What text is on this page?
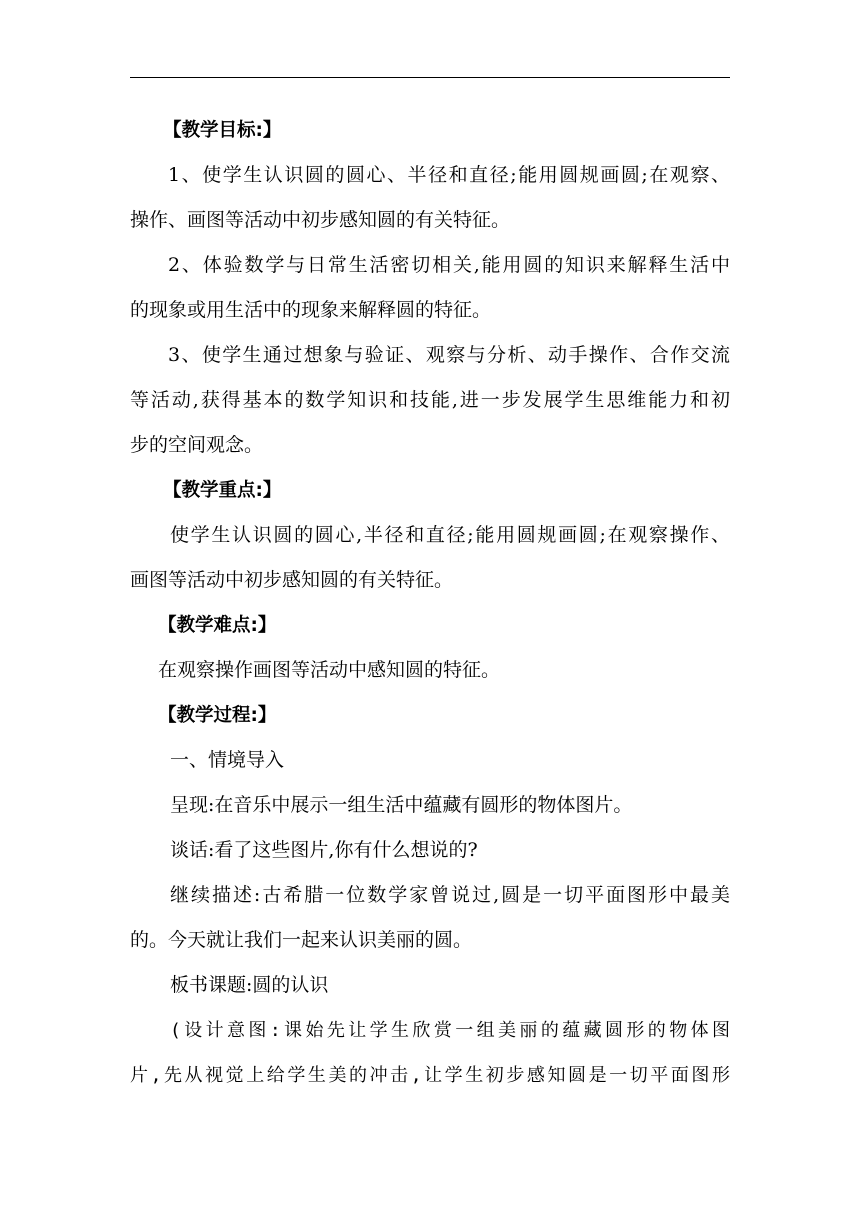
【教学目标:】
1、使学生认识圆的圆心、半径和直径;能用圆规画圆;在观察、
操作、画图等活动中初步感知圆的有关特征。
2、体验数学与日常生活密切相关,能用圆的知识来解释生活中
的现象或用生活中的现象来解释圆的特征。
3、使学生通过想象与验证、观察与分析、动手操作、合作交流
等活动,获得基本的数学知识和技能,进一步发展学生思维能力和初
步的空间观念。
【教学重点:】
使学生认识圆的圆心,半径和直径;能用圆规画圆;在观察操作、
画图等活动中初步感知圆的有关特征。
【教学难点:】
在观察操作画图等活动中感知圆的特征。
【教学过程:】
一、情境导入
呈现:在音乐中展示一组生活中蕴藏有圆形的物体图片。
谈话:看了这些图片,你有什么想说的?
继续描述:古希腊一位数学家曾说过,圆是一切平面图形中最美
的。今天就让我们一起来认识美丽的圆。
板书课题:圆的认识
(设计意图:课始先让学生欣赏一组美丽的蕴藏圆形的物体图
片,先从视觉上给学生美的冲击,让学生初步感知圆是一切平面图形
